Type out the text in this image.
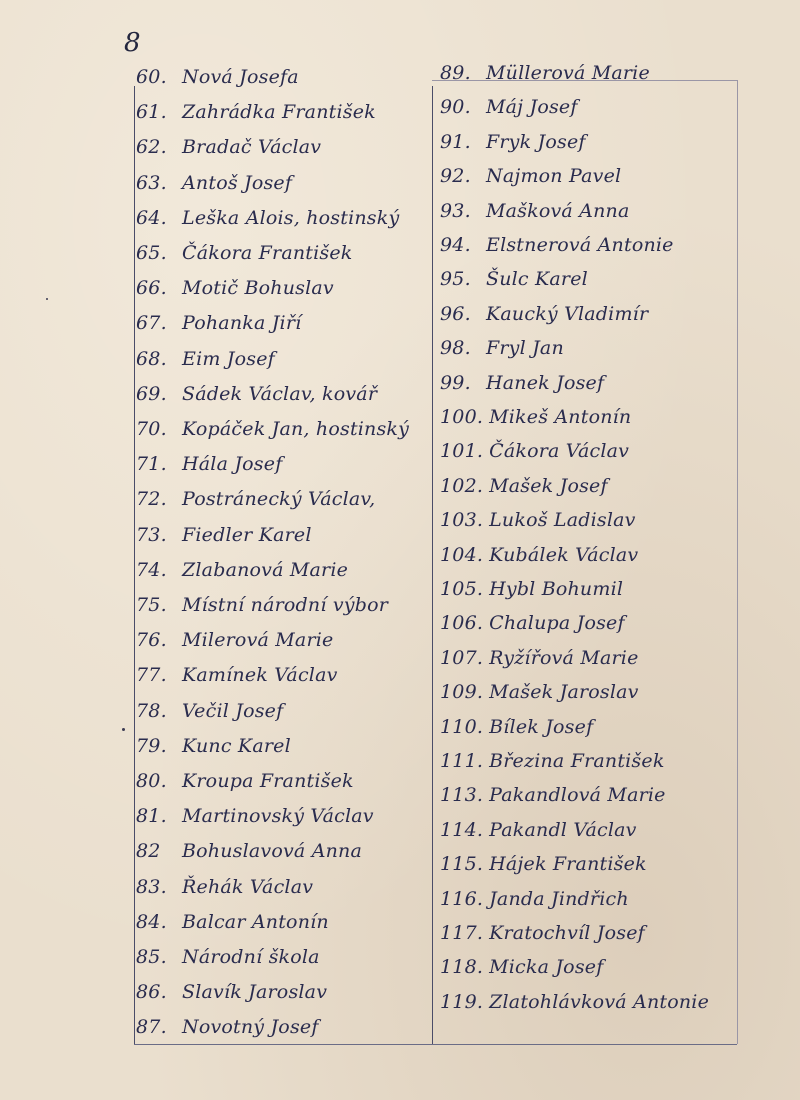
8
60. Nová Josefa
61. Zahrádka František
62. Bradač Václav
63. Antoš Josef
64. Leška Alois, hostinský
65. Čákora František
66. Motič Bohuslav
67. Pohanka Jiří
68. Eim Josef
69. Sádek Václav, kovář
70. Kopáček Jan, hostinský
71. Hála Josef
72. Postránecký Václav,
73. Fiedler Karel
74. Zlabanová Marie
75. Místní národní výbor
76. Milerová Marie
77. Kamínek Václav
78. Večil Josef
79. Kunc Karel
80. Kroupa František
81. Martinovský Václav
82 Bohuslavová Anna
83. Řehák Václav
84. Balcar Antonín
85. Národní škola
86. Slavík Jaroslav
87. Novotný Josef
89. Müllerová Marie
90. Máj Josef
91. Fryk Josef
92. Najmon Pavel
93. Mašková Anna
94. Elstnerová Antonie
95. Šulc Karel
96. Kaucký Vladimír
98. Fryl Jan
99. Hanek Josef
100. Mikeš Antonín
101. Čákora Václav
102. Mašek Josef
103. Lukoš Ladislav
104. Kubálek Václav
105. Hybl Bohumil
106. Chalupa Josef
107. Ryžířová Marie
109. Mašek Jaroslav
110. Bílek Josef
111. Březina František
113. Pakandlová Marie
114. Pakandl Václav
115. Hájek František
116. Janda Jindřich
117. Kratochvíl Josef
118. Micka Josef
119. Zlatohlávková Antonie
